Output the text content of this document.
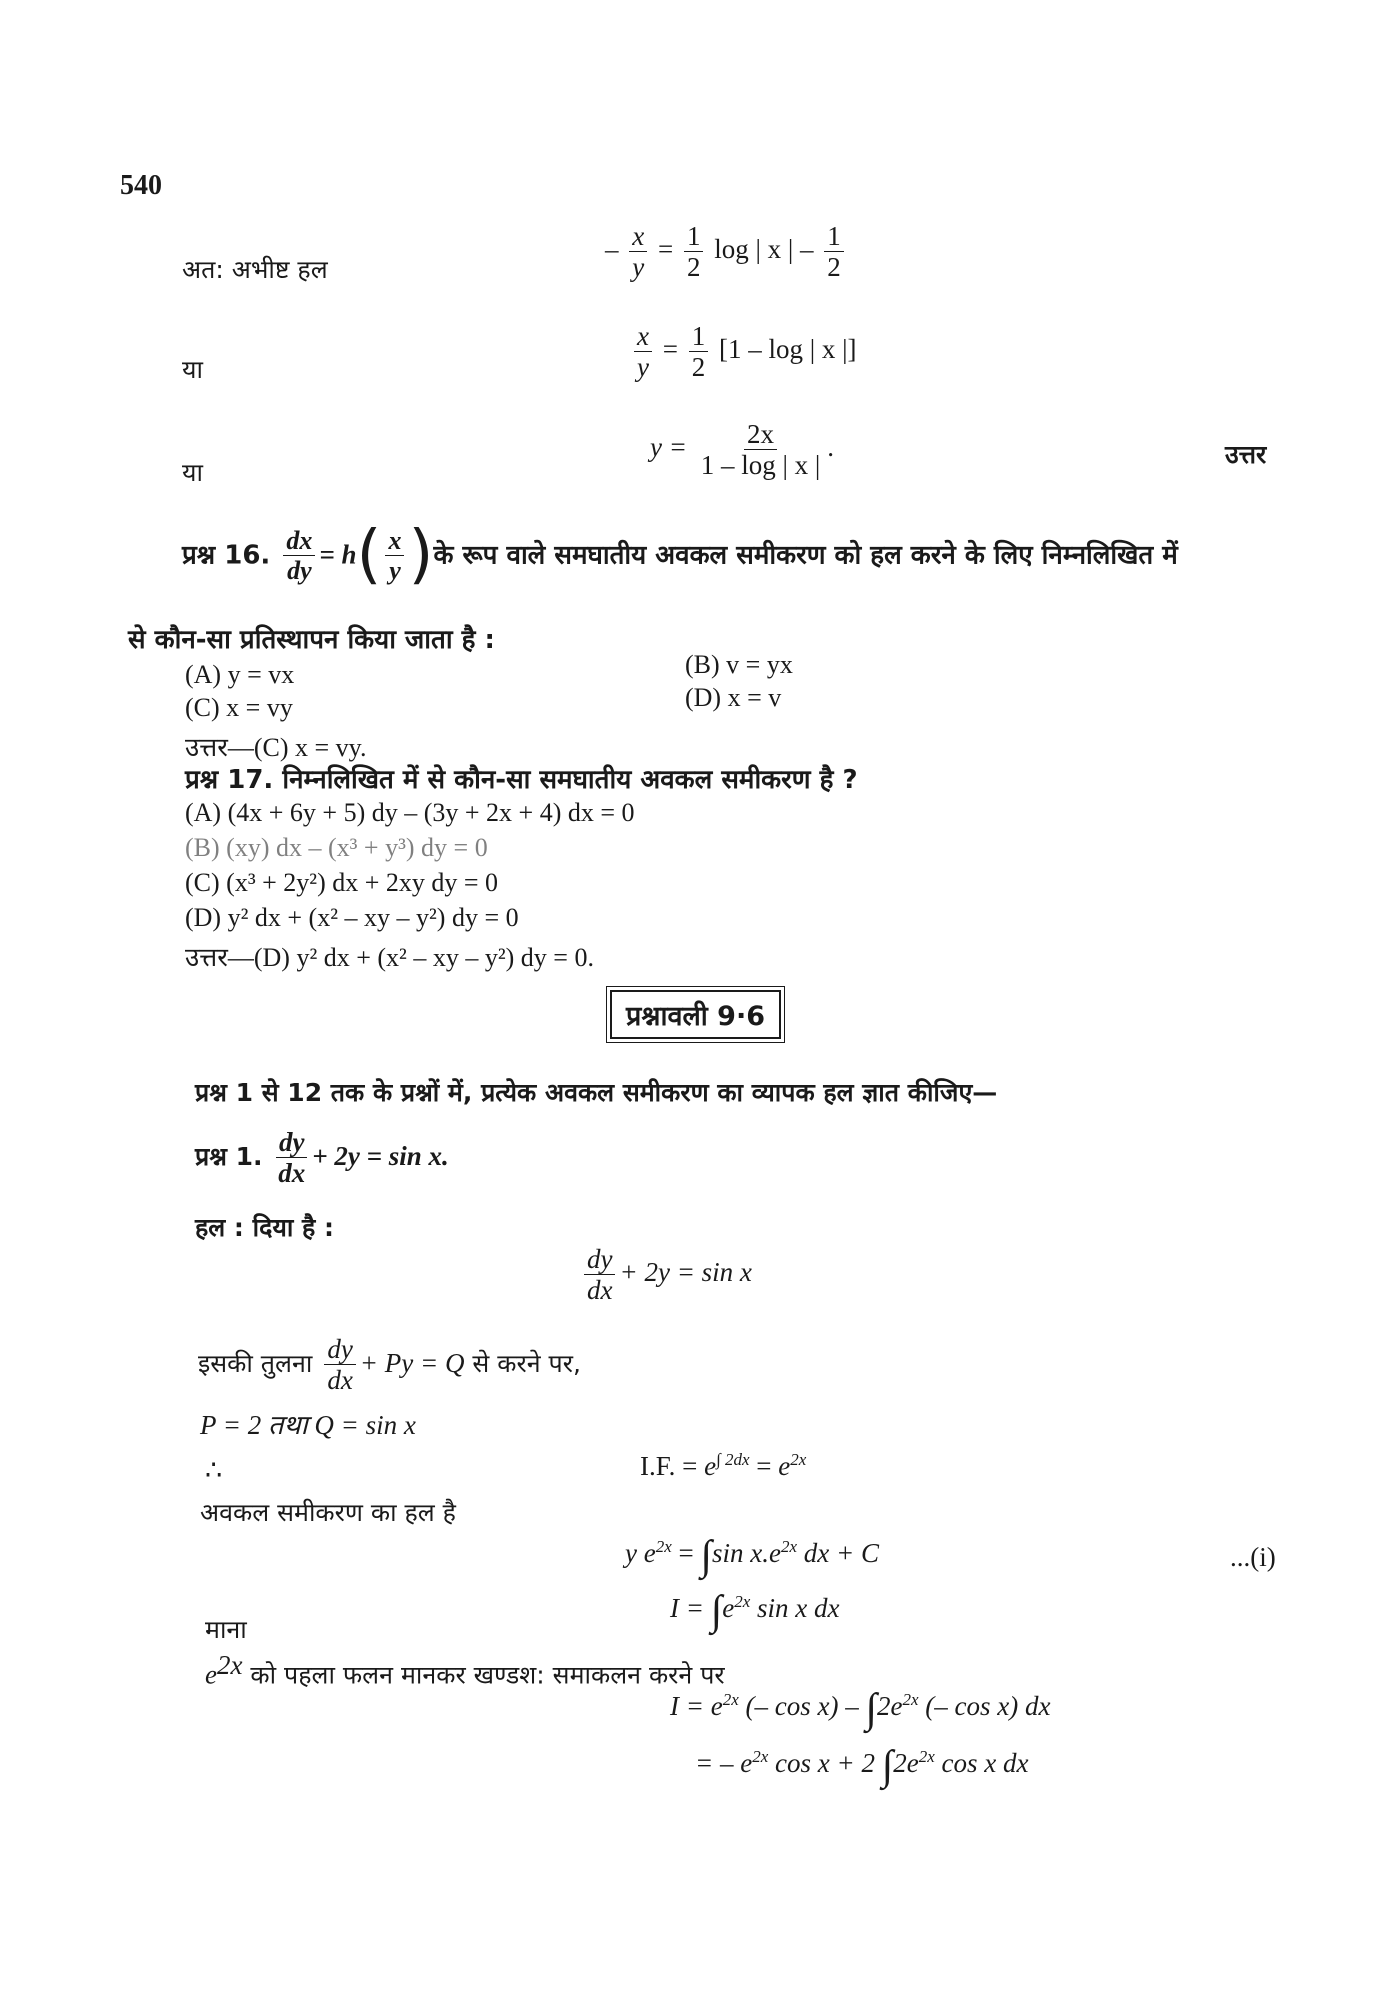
540
अत: अभीष्ट हल
– $\frac{x}{y} = \frac{1}{2}$ log | x | – $\frac{1}{2}$
या	$\frac{x}{y} = \frac{1}{2} [1 - \log$ | x |]
या
$y = \frac{2x}{1 - \log | x |}$ .	उत्तर
प्रश्न 16. $\frac{dx}{dy} = h( \frac{x}{y}$ )के रूप वाले समघातीय अवकल समीकरण को हल करने के लिए निम्नलिखित में
से कौन-सा प्रतिस्थापन किया जाता है :
(A) y = vx	(B) v = yx
(C) x = vy	(D) x = v
उत्तर—(C) x = vy.
प्रश्न 17. निम्नलिखित में से कौन-सा समघातीय अवकल समीकरण है ?
(A) (4x + 6y + 5) dy – (3y + 2x + 4) dx = 0
(B) (xy) dx – (x³ + y³) dy = 0
(C) (x³ + 2y²) dx + 2xy dy = 0
(D) y² dx + (x² – xy – y²) dy = 0
उत्तर—(D) y² dx + (x² – xy – y²) dy = 0.
प्रश्नावली 9·6
प्रश्न 1 से 12 तक के प्रश्नों में, प्रत्येक अवकल समीकरण का व्यापक हल ज्ञात कीजिए—
प्रश्न 1. $\frac{dy}{dx} + 2y = \sin x$.
हल : दिया है :
$\frac{dy}{dx} + 2y = \sin x$
इसकी तुलना $\frac{dy}{dx} + Py = Q$ से करने पर,
P = 2 तथा Q = sin x
∴	I.F. = $e^{\int 2dx} = e^{2x}$
अवकल समीकरण का हल है
y $e^{2x} = \int\sin$ $x.e^{2x}$ dx + C	...(i)
माना
$I = \int e^{2x}$ sin x dx
$e^{2x}$ को पहला फलन मानकर खण्डश: समाकलन करने पर
$I = e^{2x}$ (– $\cos x) - \int 2e^{2x}$ (– cos x) dx
= – $e^{2x}$ cos x + 2 $\int 2e^{2x}$ cos x dx
